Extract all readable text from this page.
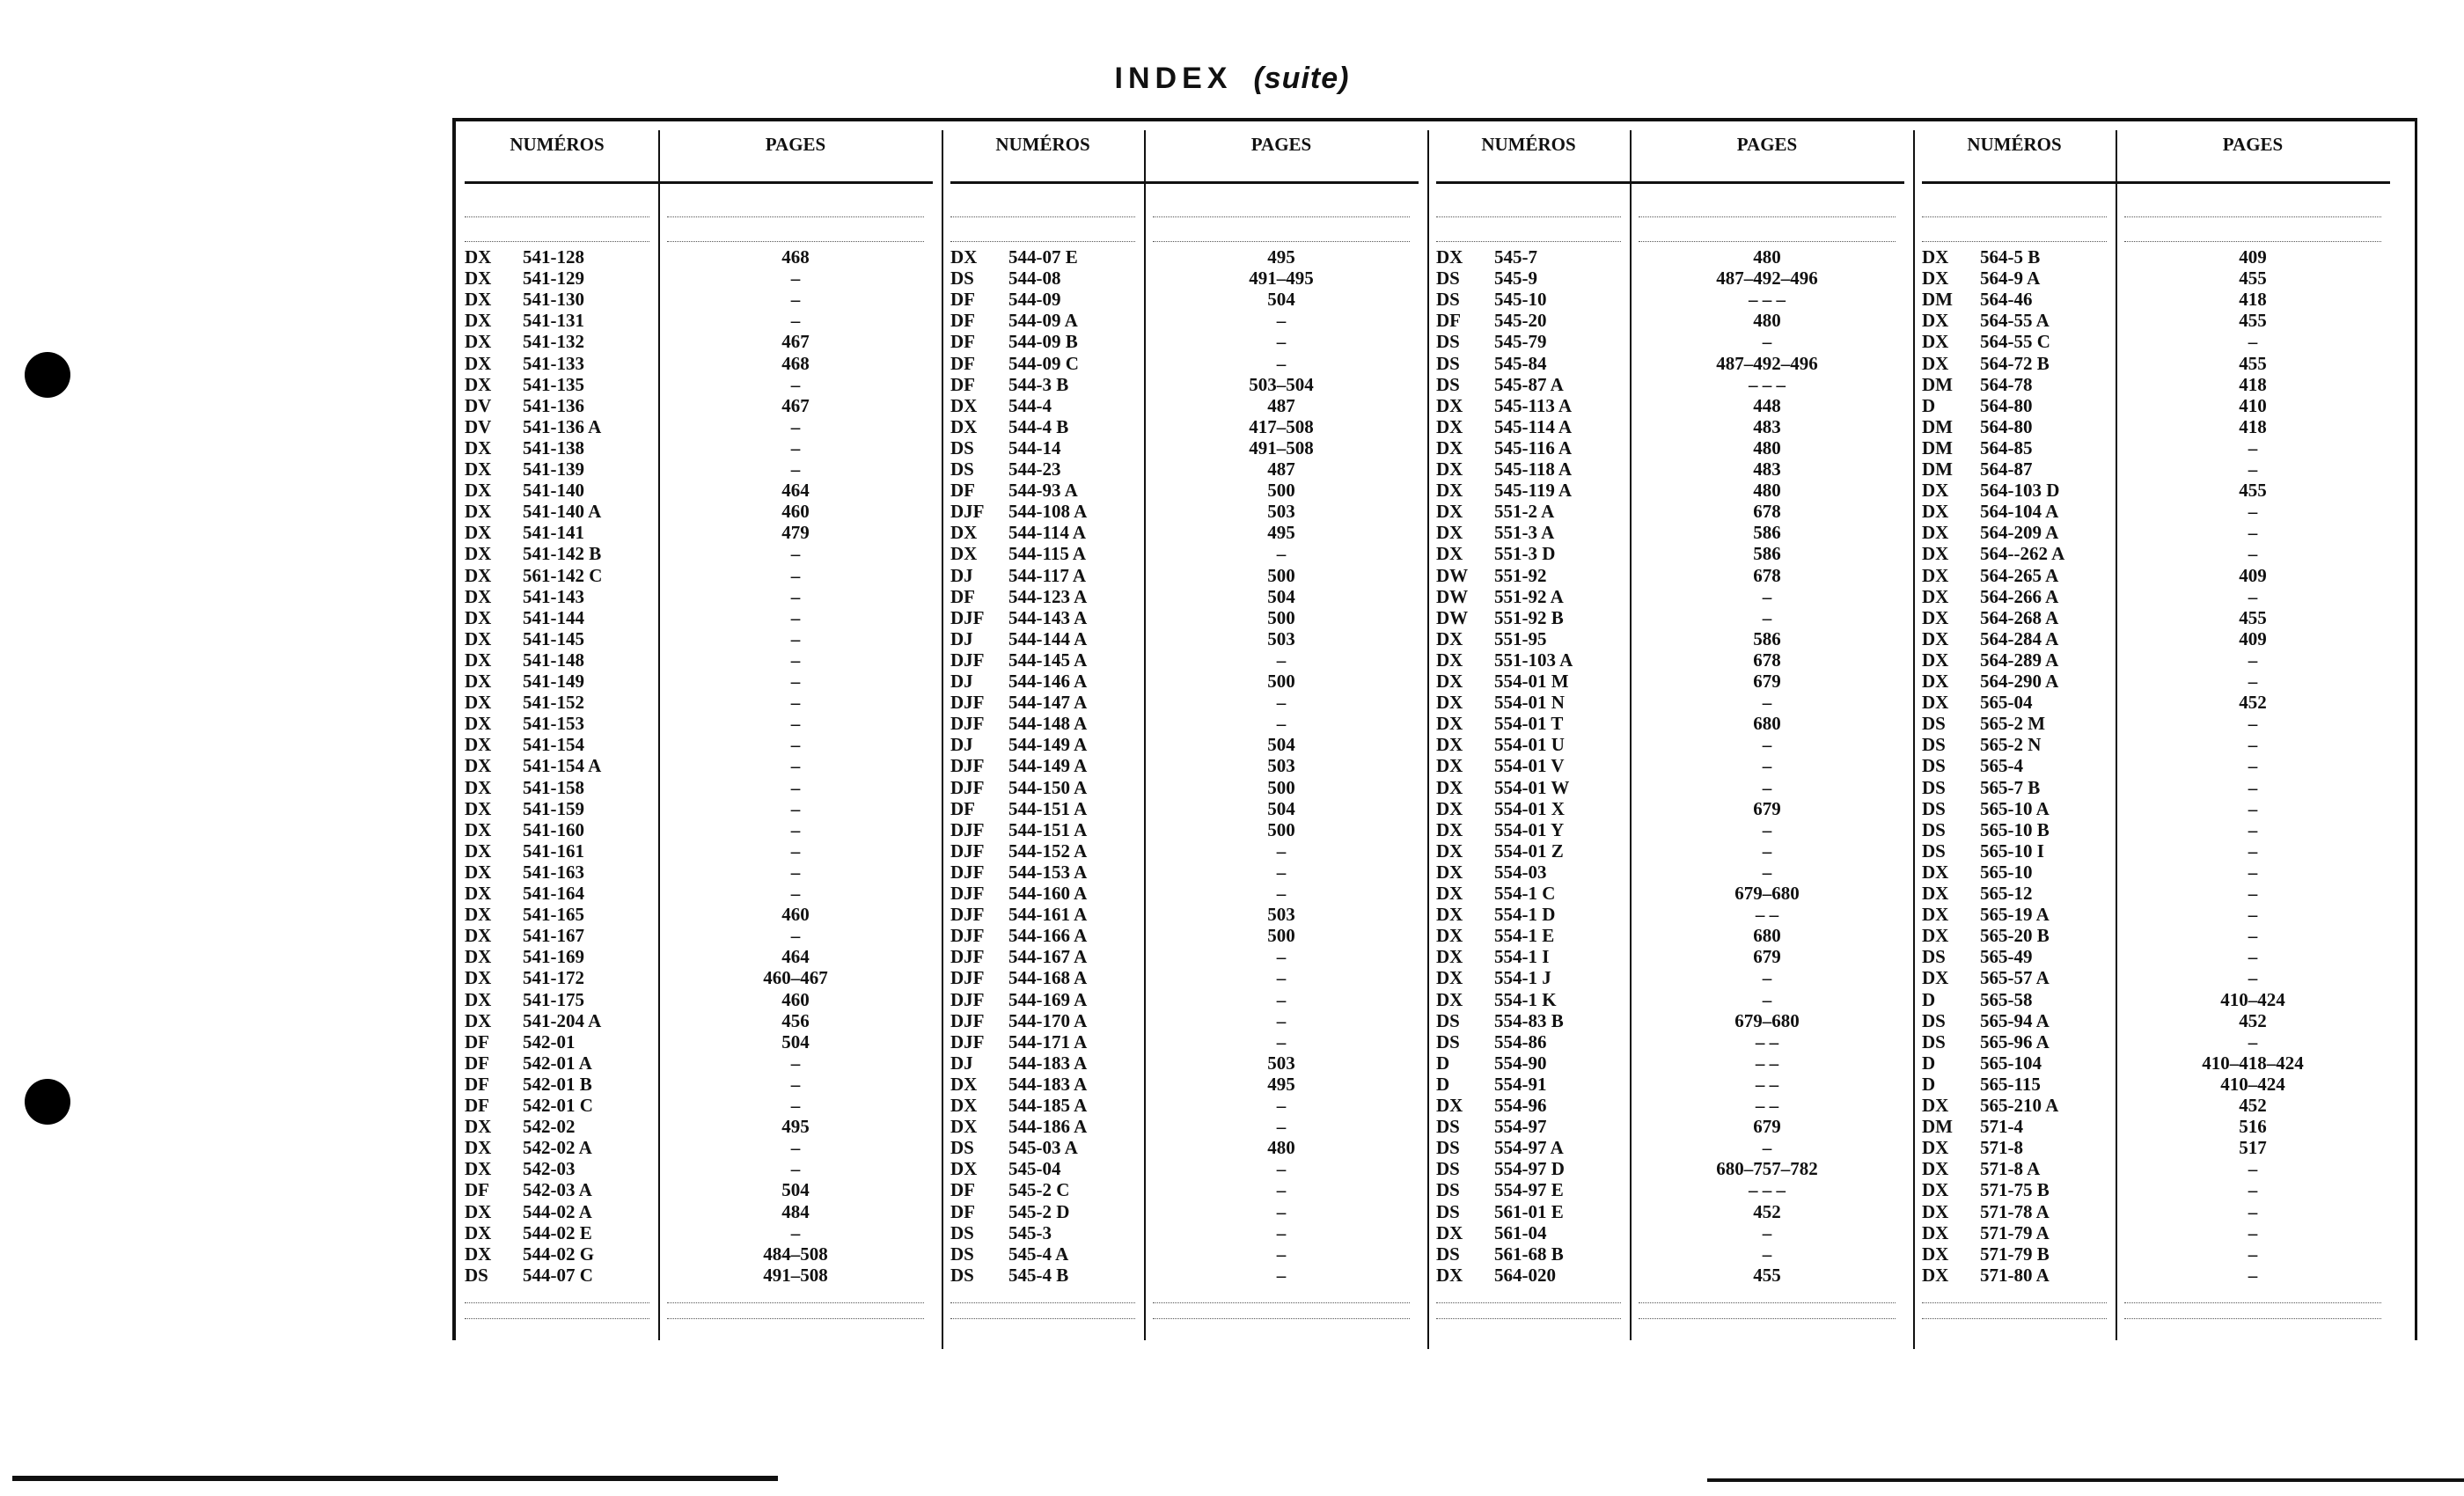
INDEX (suite)
NUMÉROS	PAGES
DX	541-128	468
DX	541-129	–
DX	541-130	–
DX	541-131	–
DX	541-132	467
DX	541-133	468
DX	541-135	–
DV	541-136	467
DV	541-136 A	–
DX	541-138	–
DX	541-139	–
DX	541-140	464
DX	541-140 A	460
DX	541-141	479
DX	541-142 B	–
DX	561-142 C	–
DX	541-143	–
DX	541-144	–
DX	541-145	–
DX	541-148	–
DX	541-149	–
DX	541-152	–
DX	541-153	–
DX	541-154	–
DX	541-154 A	–
DX	541-158	–
DX	541-159	–
DX	541-160	–
DX	541-161	–
DX	541-163	–
DX	541-164	–
DX	541-165	460
DX	541-167	–
DX	541-169	464
DX	541-172	460–467
DX	541-175	460
DX	541-204 A	456
DF	542-01	504
DF	542-01 A	–
DF	542-01 B	–
DF	542-01 C	–
DX	542-02	495
DX	542-02 A	–
DX	542-03	–
DF	542-03 A	504
DX	544-02 A	484
DX	544-02 E	–
DX	544-02 G	484–508
DS	544-07 C	491–508
NUMÉROS	PAGES
DX	544-07 E	495
DS	544-08	491–495
DF	544-09	504
DF	544-09 A	–
DF	544-09 B	–
DF	544-09 C	–
DF	544-3 B	503–504
DX	544-4	487
DX	544-4 B	417–508
DS	544-14	491–508
DS	544-23	487
DF	544-93 A	500
DJF	544-108 A	503
DX	544-114 A	495
DX	544-115 A	–
DJ	544-117 A	500
DF	544-123 A	504
DJF	544-143 A	500
DJ	544-144 A	503
DJF	544-145 A	–
DJ	544-146 A	500
DJF	544-147 A	–
DJF	544-148 A	–
DJ	544-149 A	504
DJF	544-149 A	503
DJF	544-150 A	500
DF	544-151 A	504
DJF	544-151 A	500
DJF	544-152 A	–
DJF	544-153 A	–
DJF	544-160 A	–
DJF	544-161 A	503
DJF	544-166 A	500
DJF	544-167 A	–
DJF	544-168 A	–
DJF	544-169 A	–
DJF	544-170 A	–
DJF	544-171 A	–
DJ	544-183 A	503
DX	544-183 A	495
DX	544-185 A	–
DX	544-186 A	–
DS	545-03 A	480
DX	545-04	–
DF	545-2 C	–
DF	545-2 D	–
DS	545-3	–
DS	545-4 A	–
DS	545-4 B	–
NUMÉROS	PAGES
DX	545-7	480
DS	545-9	487–492–496
DS	545-10	– – –
DF	545-20	480
DS	545-79	–
DS	545-84	487–492–496
DS	545-87 A	– – –
DX	545-113 A	448
DX	545-114 A	483
DX	545-116 A	480
DX	545-118 A	483
DX	545-119 A	480
DX	551-2 A	678
DX	551-3 A	586
DX	551-3 D	586
DW	551-92	678
DW	551-92 A	–
DW	551-92 B	–
DX	551-95	586
DX	551-103 A	678
DX	554-01 M	679
DX	554-01 N	–
DX	554-01 T	680
DX	554-01 U	–
DX	554-01 V	–
DX	554-01 W	–
DX	554-01 X	679
DX	554-01 Y	–
DX	554-01 Z	–
DX	554-03	–
DX	554-1 C	679–680
DX	554-1 D	– –
DX	554-1 E	680
DX	554-1 I	679
DX	554-1 J	–
DX	554-1 K	–
DS	554-83 B	679–680
DS	554-86	– –
D	554-90	– –
D	554-91	– –
DX	554-96	– –
DS	554-97	679
DS	554-97 A	–
DS	554-97 D	680–757–782
DS	554-97 E	– – –
DS	561-01 E	452
DX	561-04	–
DS	561-68 B	–
DX	564-020	455
NUMÉROS	PAGES
DX	564-5 B	409
DX	564-9 A	455
DM	564-46	418
DX	564-55 A	455
DX	564-55 C	–
DX	564-72 B	455
DM	564-78	418
D	564-80	410
DM	564-80	418
DM	564-85	–
DM	564-87	–
DX	564-103 D	455
DX	564-104 A	–
DX	564-209 A	–
DX	564--262 A	–
DX	564-265 A	409
DX	564-266 A	–
DX	564-268 A	455
DX	564-284 A	409
DX	564-289 A	–
DX	564-290 A	–
DX	565-04	452
DS	565-2 M	–
DS	565-2 N	–
DS	565-4	–
DS	565-7 B	–
DS	565-10 A	–
DS	565-10 B	–
DS	565-10 I	–
DX	565-10	–
DX	565-12	–
DX	565-19 A	–
DX	565-20 B	–
DS	565-49	–
DX	565-57 A	–
D	565-58	410–424
DS	565-94 A	452
DS	565-96 A	–
D	565-104	410–418–424
D	565-115	410–424
DX	565-210 A	452
DM	571-4	516
DX	571-8	517
DX	571-8 A	–
DX	571-75 B	–
DX	571-78 A	–
DX	571-79 A	–
DX	571-79 B	–
DX	571-80 A	–
